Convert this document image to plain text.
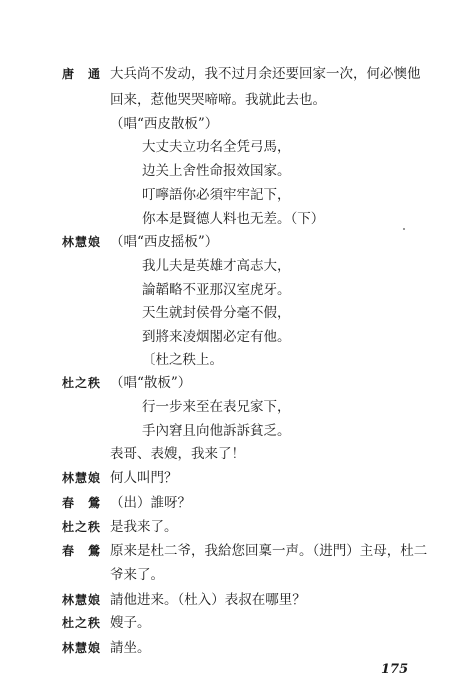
唐　通 大兵尚不发动，我不过月余还要回家一次，何必懊他
回来，惹他哭哭啼啼。我就此去也。
（唱“西皮散板”）
大丈夫立功名全凭弓馬，
边关上舍性命报效国家。
叮嚀語你必須牢牢記下，
你本是賢德人料也无差。（下）
林慧娘 （唱“西皮摇板”）
我儿夫是英雄才高志大，
論韜略不亚那汉室虎牙。
天生就封侯骨分毫不假，
到將来凌烟閣必定有他。
〔杜之秩上。
杜之秩 （唱“散板”）
行一步来至在表兄家下，
手內窘且向他訴訴貧乏。
表哥、表嫂，我来了！
林慧娘 何人叫門？
春　鶯 （出）誰呀？
杜之秩 是我来了。
春　鶯 原来是杜二爷，我給您回稟一声。（进門）主母，杜二
爷来了。
林慧娘 請他进来。（杜入）表叔在哪里？
杜之秩 嫂子。
林慧娘 請坐。
175
